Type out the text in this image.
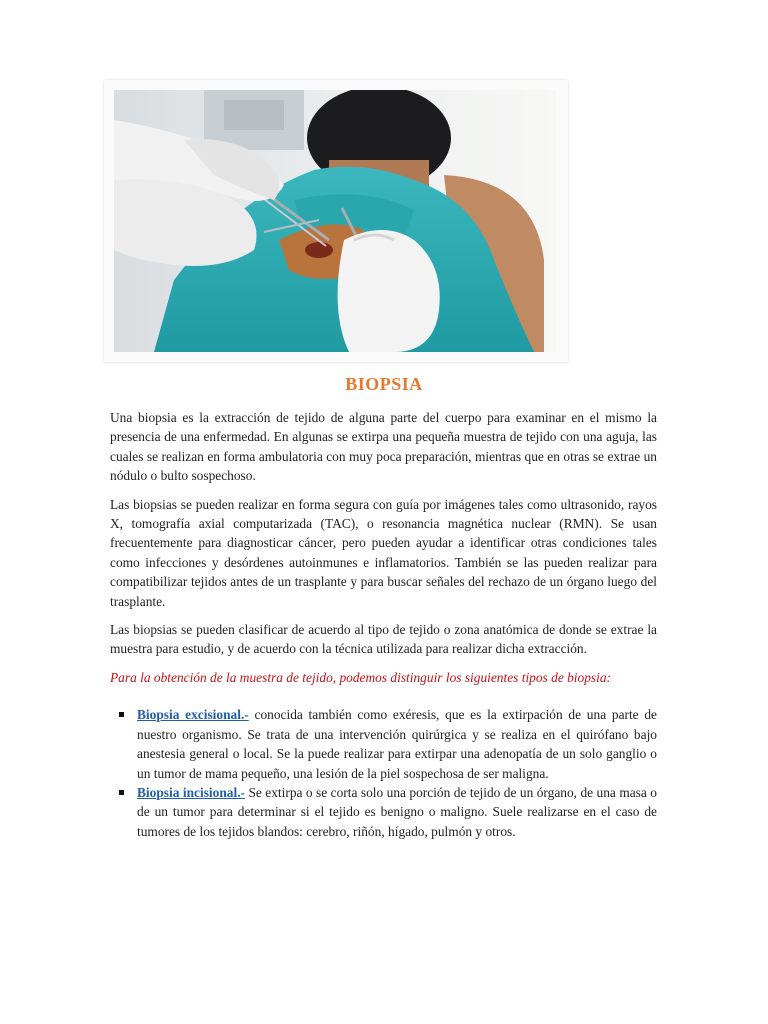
BIOPSIA

Una biopsia es la extracción de tejido de alguna parte del cuerpo para examinar en el mismo la presencia de una enfermedad. En algunas se extirpa una pequeña muestra de tejido con una aguja, las cuales se realizan en forma ambulatoria con muy poca preparación, mientras que en otras se extrae un nódulo o bulto sospechoso.

Las biopsias se pueden realizar en forma segura con guía por imágenes tales como ultrasonido, rayos X, tomografía axial computarizada (TAC), o resonancia magnética nuclear (RMN). Se usan frecuentemente para diagnosticar cáncer, pero pueden ayudar a identificar otras condiciones tales como infecciones y desórdenes autoinmunes e inflamatorios. También se las pueden realizar para compatibilizar tejidos antes de un trasplante y para buscar señales del rechazo de un órgano luego del trasplante.

Las biopsias se pueden clasificar de acuerdo al tipo de tejido o zona anatómica de donde se extrae la muestra para estudio, y de acuerdo con la técnica utilizada para realizar dicha extracción.

Para la obtención de la muestra de tejido, podemos distinguir los siguientes tipos de biopsia:

Biopsia excisional.- conocida también como exéresis, que es la extirpación de una parte de nuestro organismo. Se trata de una intervención quirúrgica y se realiza en el quirófano bajo anestesia general o local. Se la puede realizar para extirpar una adenopatía de un solo ganglio o un tumor de mama pequeño, una lesión de la piel sospechosa de ser maligna.
Biopsia incisional.- Se extirpa o se corta solo una porción de tejido de un órgano, de una masa o de un tumor para determinar si el tejido es benigno o maligno. Suele realizarse en el caso de tumores de los tejidos blandos: cerebro, riñón, hígado, pulmón y otros.
